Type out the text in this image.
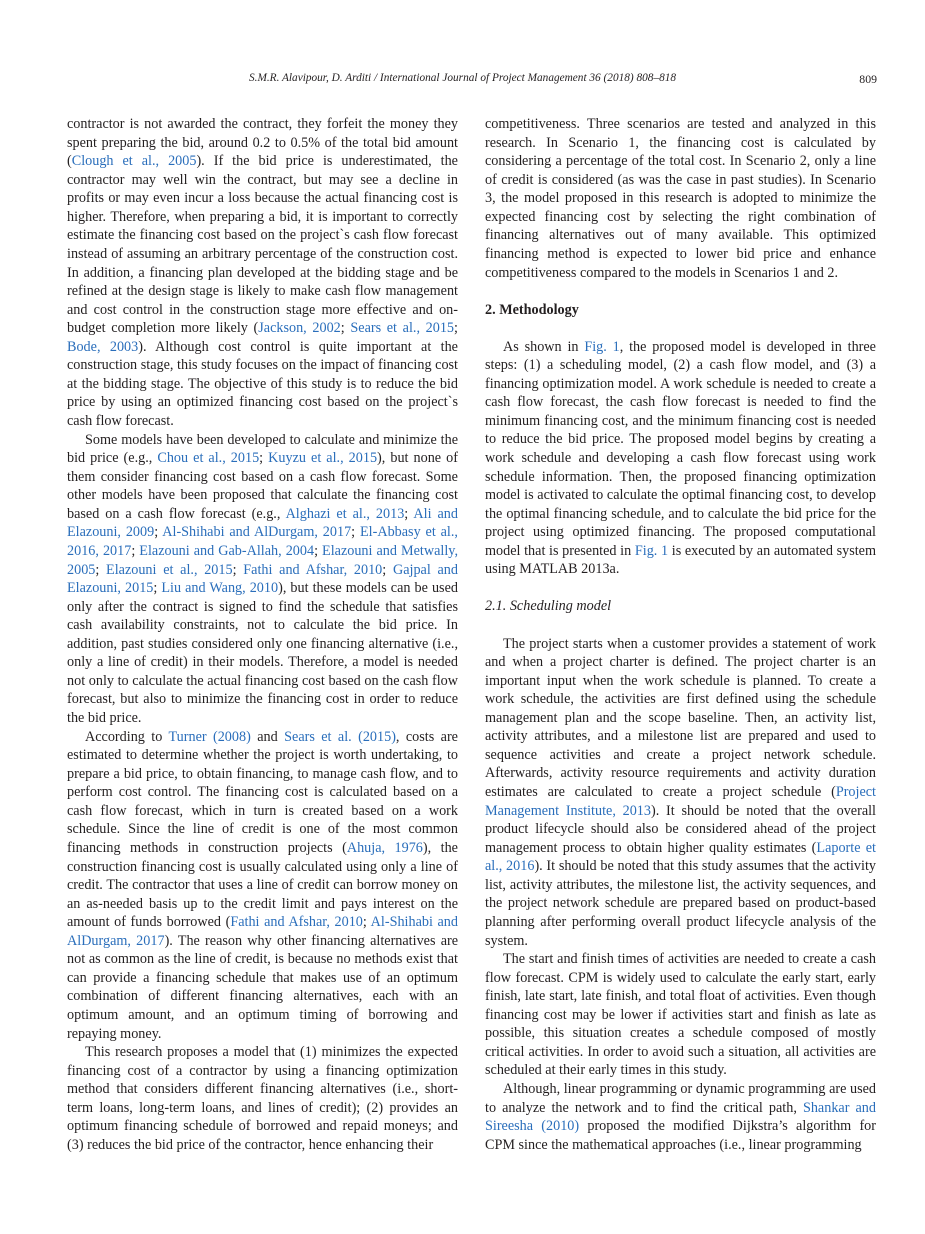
S.M.R. Alavipour, D. Arditi / International Journal of Project Management 36 (2018) 808–818	809

contractor is not awarded the contract, they forfeit the money they spent preparing the bid, around 0.2 to 0.5% of the total bid amount (Clough et al., 2005). If the bid price is underestimated, the contractor may well win the contract, but may see a decline in profits or may even incur a loss because the actual financing cost is higher. Therefore, when preparing a bid, it is important to correctly estimate the financing cost based on the project`s cash flow forecast instead of assuming an arbitrary percentage of the construction cost. In addition, a financing plan developed at the bidding stage and be refined at the design stage is likely to make cash flow management and cost control in the construction stage more effective and on-budget completion more likely (Jackson, 2002; Sears et al., 2015; Bode, 2003). Although cost control is quite important at the construction stage, this study focuses on the impact of financing cost at the bidding stage. The objective of this study is to reduce the bid price by using an optimized financing cost based on the project`s cash flow forecast.

Some models have been developed to calculate and minimize the bid price (e.g., Chou et al., 2015; Kuyzu et al., 2015), but none of them consider financing cost based on a cash flow forecast. Some other models have been proposed that calculate the financing cost based on a cash flow forecast (e.g., Alghazi et al., 2013; Ali and Elazouni, 2009; Al-Shihabi and AlDurgam, 2017; El-Abbasy et al., 2016, 2017; Elazouni and Gab-Allah, 2004; Elazouni and Metwally, 2005; Elazouni et al., 2015; Fathi and Afshar, 2010; Gajpal and Elazouni, 2015; Liu and Wang, 2010), but these models can be used only after the contract is signed to find the schedule that satisfies cash availability constraints, not to calculate the bid price. In addition, past studies considered only one financing alternative (i.e., only a line of credit) in their models. Therefore, a model is needed not only to calculate the actual financing cost based on the cash flow forecast, but also to minimize the financing cost in order to reduce the bid price.

According to Turner (2008) and Sears et al. (2015), costs are estimated to determine whether the project is worth undertaking, to prepare a bid price, to obtain financing, to manage cash flow, and to perform cost control. The financing cost is calculated based on a cash flow forecast, which in turn is created based on a work schedule. Since the line of credit is one of the most common financing methods in construction projects (Ahuja, 1976), the construction financing cost is usually calculated using only a line of credit. The contractor that uses a line of credit can borrow money on an as-needed basis up to the credit limit and pays interest on the amount of funds borrowed (Fathi and Afshar, 2010; Al-Shihabi and AlDurgam, 2017). The reason why other financing alternatives are not as common as the line of credit, is because no methods exist that can provide a financing schedule that makes use of an optimum combination of different financing alternatives, each with an optimum amount, and an optimum timing of borrowing and repaying money.

This research proposes a model that (1) minimizes the expected financing cost of a contractor by using a financing optimization method that considers different financing alternatives (i.e., short-term loans, long-term loans, and lines of credit); (2) provides an optimum financing schedule of borrowed and repaid moneys; and (3) reduces the bid price of the contractor, hence enhancing their

competitiveness. Three scenarios are tested and analyzed in this research. In Scenario 1, the financing cost is calculated by considering a percentage of the total cost. In Scenario 2, only a line of credit is considered (as was the case in past studies). In Scenario 3, the model proposed in this research is adopted to minimize the expected financing cost by selecting the right combination of financing alternatives out of many available. This optimized financing method is expected to lower bid price and enhance competitiveness compared to the models in Scenarios 1 and 2.

2. Methodology

As shown in Fig. 1, the proposed model is developed in three steps: (1) a scheduling model, (2) a cash flow model, and (3) a financing optimization model. A work schedule is needed to create a cash flow forecast, the cash flow forecast is needed to find the minimum financing cost, and the minimum financing cost is needed to reduce the bid price. The proposed model begins by creating a work schedule and developing a cash flow forecast using work schedule information. Then, the proposed financing optimization model is activated to calculate the optimal financing cost, to develop the optimal financing schedule, and to calculate the bid price for the project using optimized financing. The proposed computational model that is presented in Fig. 1 is executed by an automated system using MATLAB 2013a.

2.1. Scheduling model

The project starts when a customer provides a statement of work and when a project charter is defined. The project charter is an important input when the work schedule is planned. To create a work schedule, the activities are first defined using the schedule management plan and the scope baseline. Then, an activity list, activity attributes, and a milestone list are prepared and used to sequence activities and create a project network schedule. Afterwards, activity resource requirements and activity duration estimates are calculated to create a project schedule (Project Management Institute, 2013). It should be noted that the overall product lifecycle should also be considered ahead of the project management process to obtain higher quality estimates (Laporte et al., 2016). It should be noted that this study assumes that the activity list, activity attributes, the milestone list, the activity sequences, and the project network schedule are prepared based on product-based planning after performing overall product lifecycle analysis of the system.

The start and finish times of activities are needed to create a cash flow forecast. CPM is widely used to calculate the early start, early finish, late start, late finish, and total float of activities. Even though financing cost may be lower if activities start and finish as late as possible, this situation creates a schedule composed of mostly critical activities. In order to avoid such a situation, all activities are scheduled at their early times in this study.

Although, linear programming or dynamic programming are used to analyze the network and to find the critical path, Shankar and Sireesha (2010) proposed the modified Dijkstra’s algorithm for CPM since the mathematical approaches (i.e., linear programming
